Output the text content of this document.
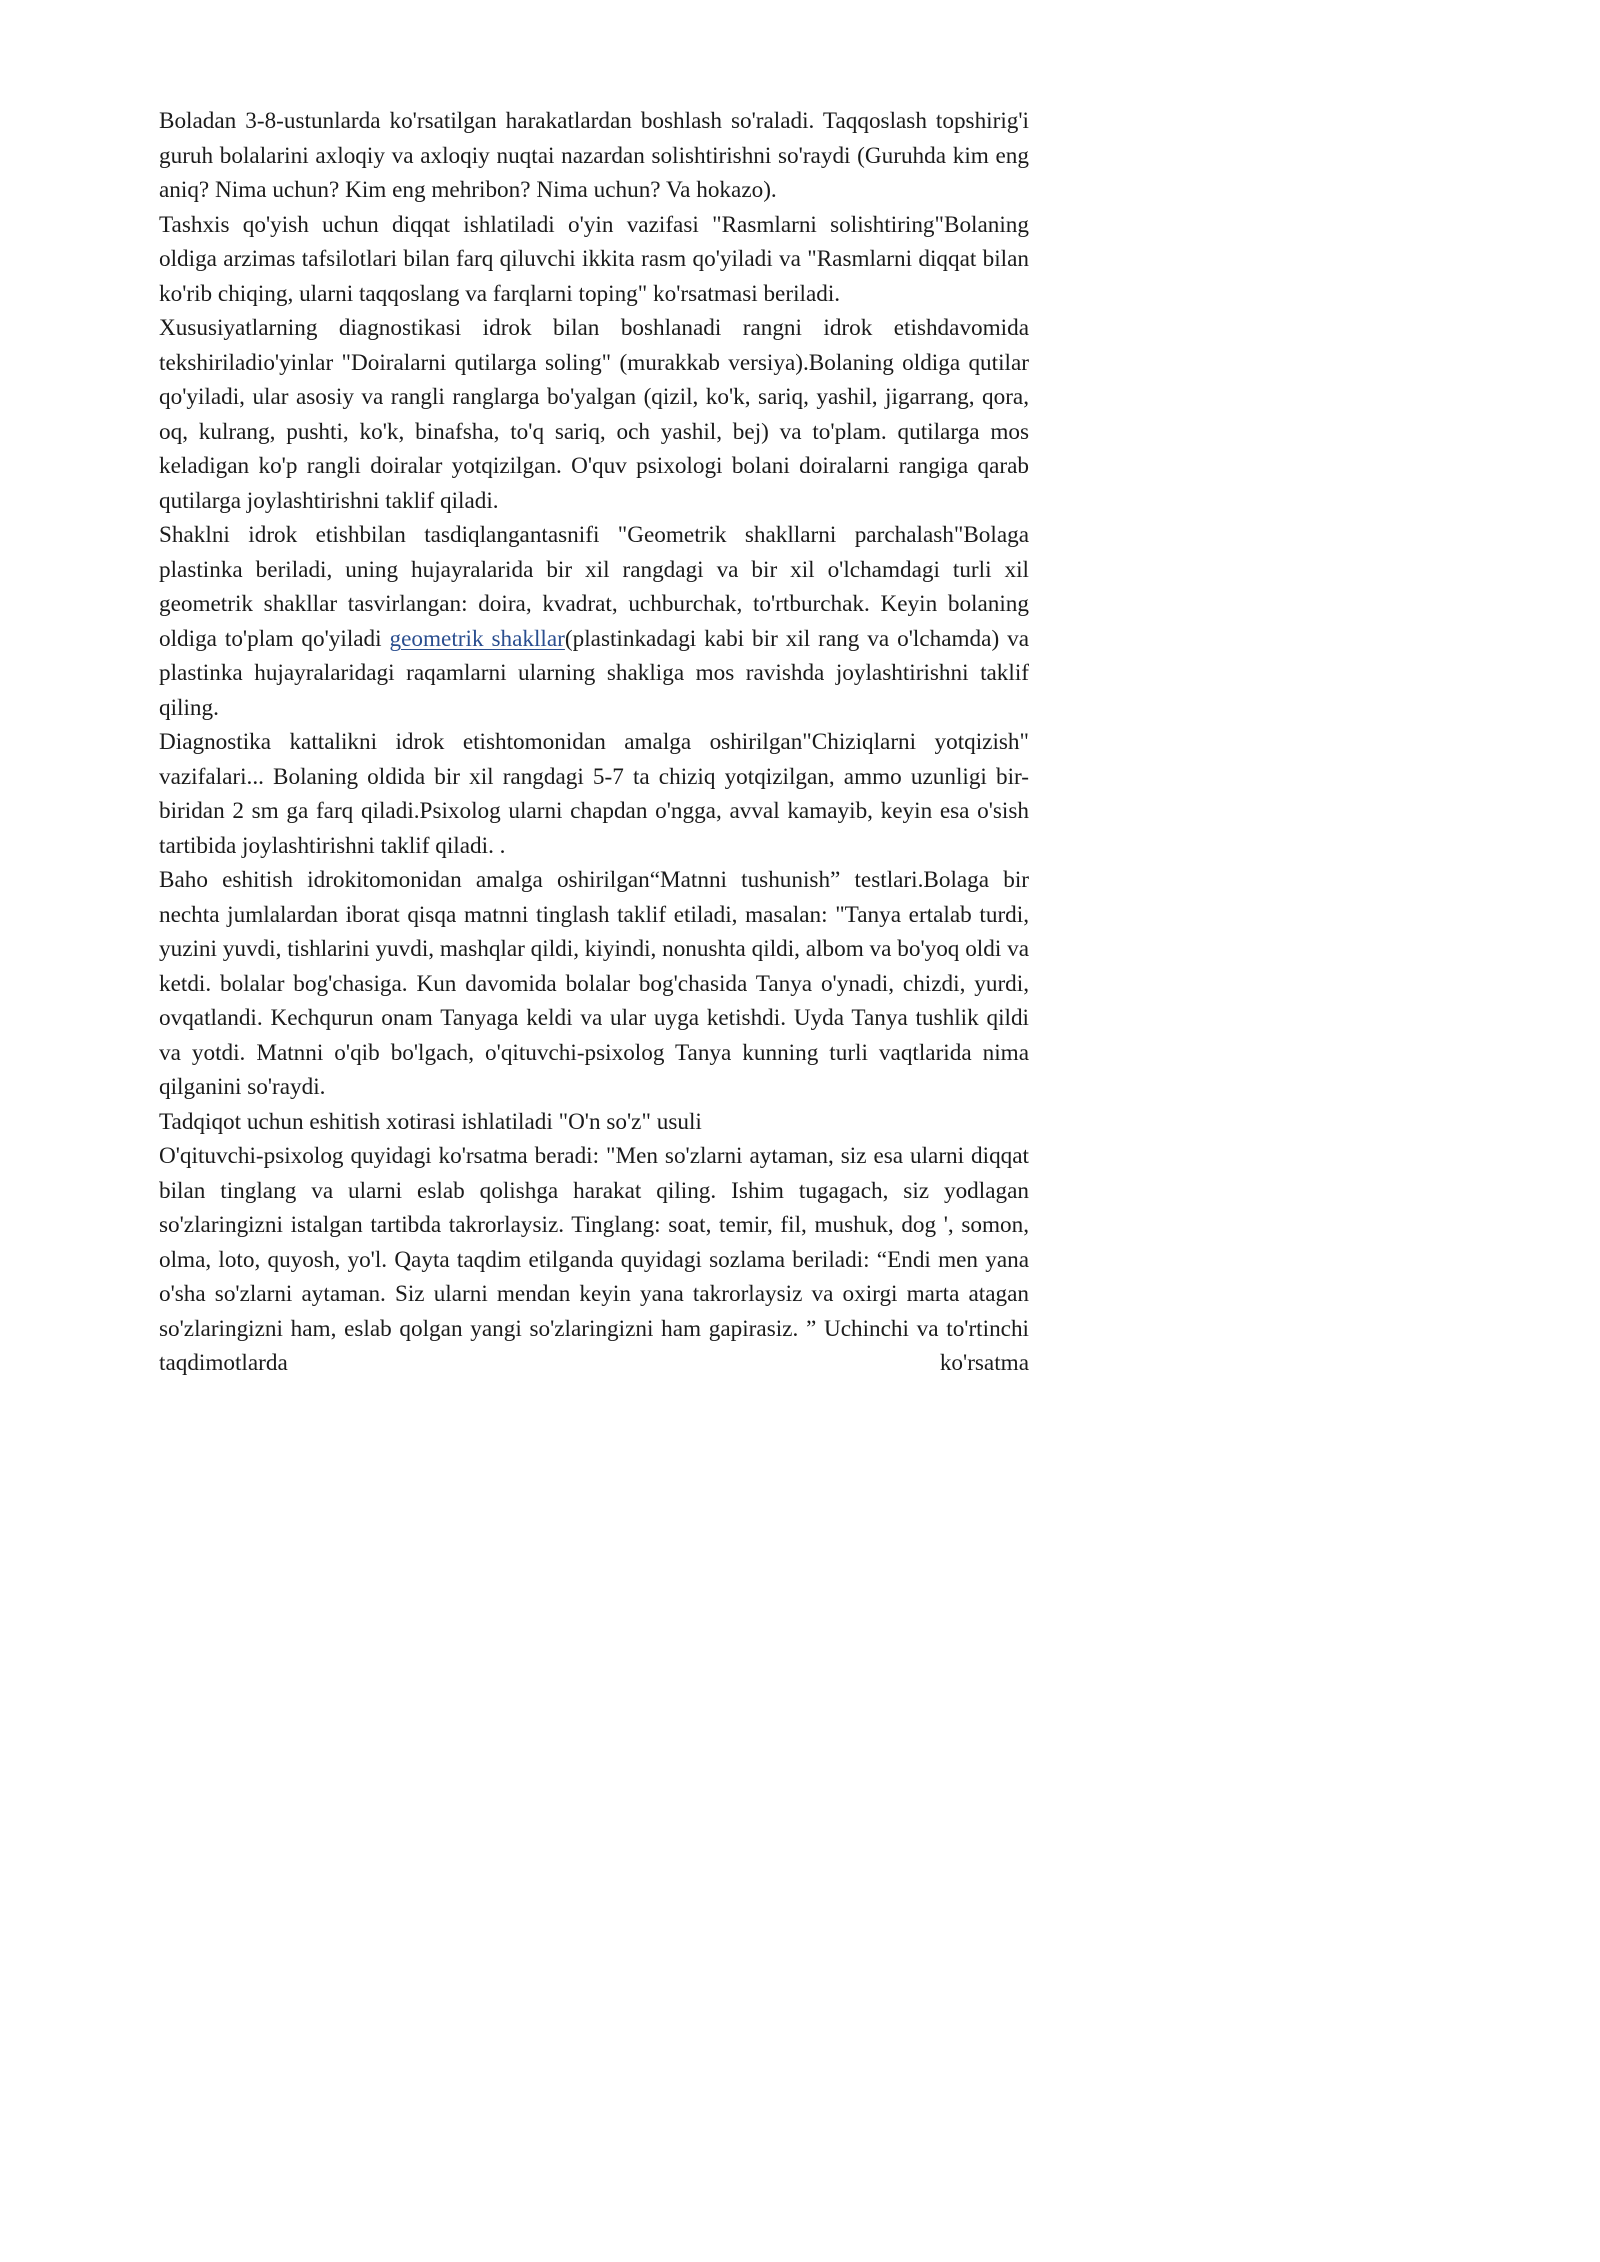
Boladan 3-8-ustunlarda ko'rsatilgan harakatlardan boshlash so'raladi. Taqqoslash topshirig'i guruh bolalarini axloqiy va axloqiy nuqtai nazardan solishtirishni so'raydi (Guruhda kim eng aniq? Nima uchun? Kim eng mehribon? Nima uchun? Va hokazo).

Tashxis qo'yish uchun diqqat ishlatiladi o'yin vazifasi "Rasmlarni solishtiring"Bolaning oldiga arzimas tafsilotlari bilan farq qiluvchi ikkita rasm qo'yiladi va "Rasmlarni diqqat bilan ko'rib chiqing, ularni taqqoslang va farqlarni toping" ko'rsatmasi beriladi.

Xususiyatlarning diagnostikasi idrok bilan boshlanadi rangni idrok etishdavomida tekshiriladio'yinlar "Doiralarni qutilarga soling" (murakkab versiya).Bolaning oldiga qutilar qo'yiladi, ular asosiy va rangli ranglarga bo'yalgan (qizil, ko'k, sariq, yashil, jigarrang, qora, oq, kulrang, pushti, ko'k, binafsha, to'q sariq, och yashil, bej) va to'plam. qutilarga mos keladigan ko'p rangli doiralar yotqizilgan. O'quv psixologi bolani doiralarni rangiga qarab qutilarga joylashtirishni taklif qiladi.

Shaklni idrok etishbilan tasdiqlangantasnifi "Geometrik shakllarni parchalash"Bolaga plastinka beriladi, uning hujayralarida bir xil rangdagi va bir xil o'lchamdagi turli xil geometrik shakllar tasvirlangan: doira, kvadrat, uchburchak, to'rtburchak. Keyin bolaning oldiga to'plam qo'yiladi geometrik shakllar(plastinkadagi kabi bir xil rang va o'lchamda) va plastinka hujayralaridagi raqamlarni ularning shakliga mos ravishda joylashtirishni taklif qiling.

Diagnostika kattalikni idrok etishtomonidan amalga oshirilgan"Chiziqlarni yotqizish" vazifalari... Bolaning oldida bir xil rangdagi 5-7 ta chiziq yotqizilgan, ammo uzunligi bir-biridan 2 sm ga farq qiladi.Psixolog ularni chapdan o'ngga, avval kamayib, keyin esa o'sish tartibida joylashtirishni taklif qiladi. .

Baho eshitish idrokitomonidan amalga oshirilgan“Matnni tushunish” testlari.Bolaga bir nechta jumlalardan iborat qisqa matnni tinglash taklif etiladi, masalan: "Tanya ertalab turdi, yuzini yuvdi, tishlarini yuvdi, mashqlar qildi, kiyindi, nonushta qildi, albom va bo'yoq oldi va ketdi. bolalar bog'chasiga. Kun davomida bolalar bog'chasida Tanya o'ynadi, chizdi, yurdi, ovqatlandi. Kechqurun onam Tanyaga keldi va ular uyga ketishdi. Uyda Tanya tushlik qildi va yotdi. Matnni o'qib bo'lgach, o'qituvchi-psixolog Tanya kunning turli vaqtlarida nima qilganini so'raydi.

Tadqiqot uchun eshitish xotirasi ishlatiladi "O'n so'z" usuli

O'qituvchi-psixolog quyidagi ko'rsatma beradi: "Men so'zlarni aytaman, siz esa ularni diqqat bilan tinglang va ularni eslab qolishga harakat qiling. Ishim tugagach, siz yodlagan so'zlaringizni istalgan tartibda takrorlaysiz. Tinglang: soat, temir, fil, mushuk, dog ', somon, olma, loto, quyosh, yo'l. Qayta taqdim etilganda quyidagi sozlama beriladi: “Endi men yana o'sha so'zlarni aytaman. Siz ularni mendan keyin yana takrorlaysiz va oxirgi marta atagan so'zlaringizni ham, eslab qolgan yangi so'zlaringizni ham gapirasiz. ” Uchinchi va to'rtinchi taqdimotlarda ko'rsatma
